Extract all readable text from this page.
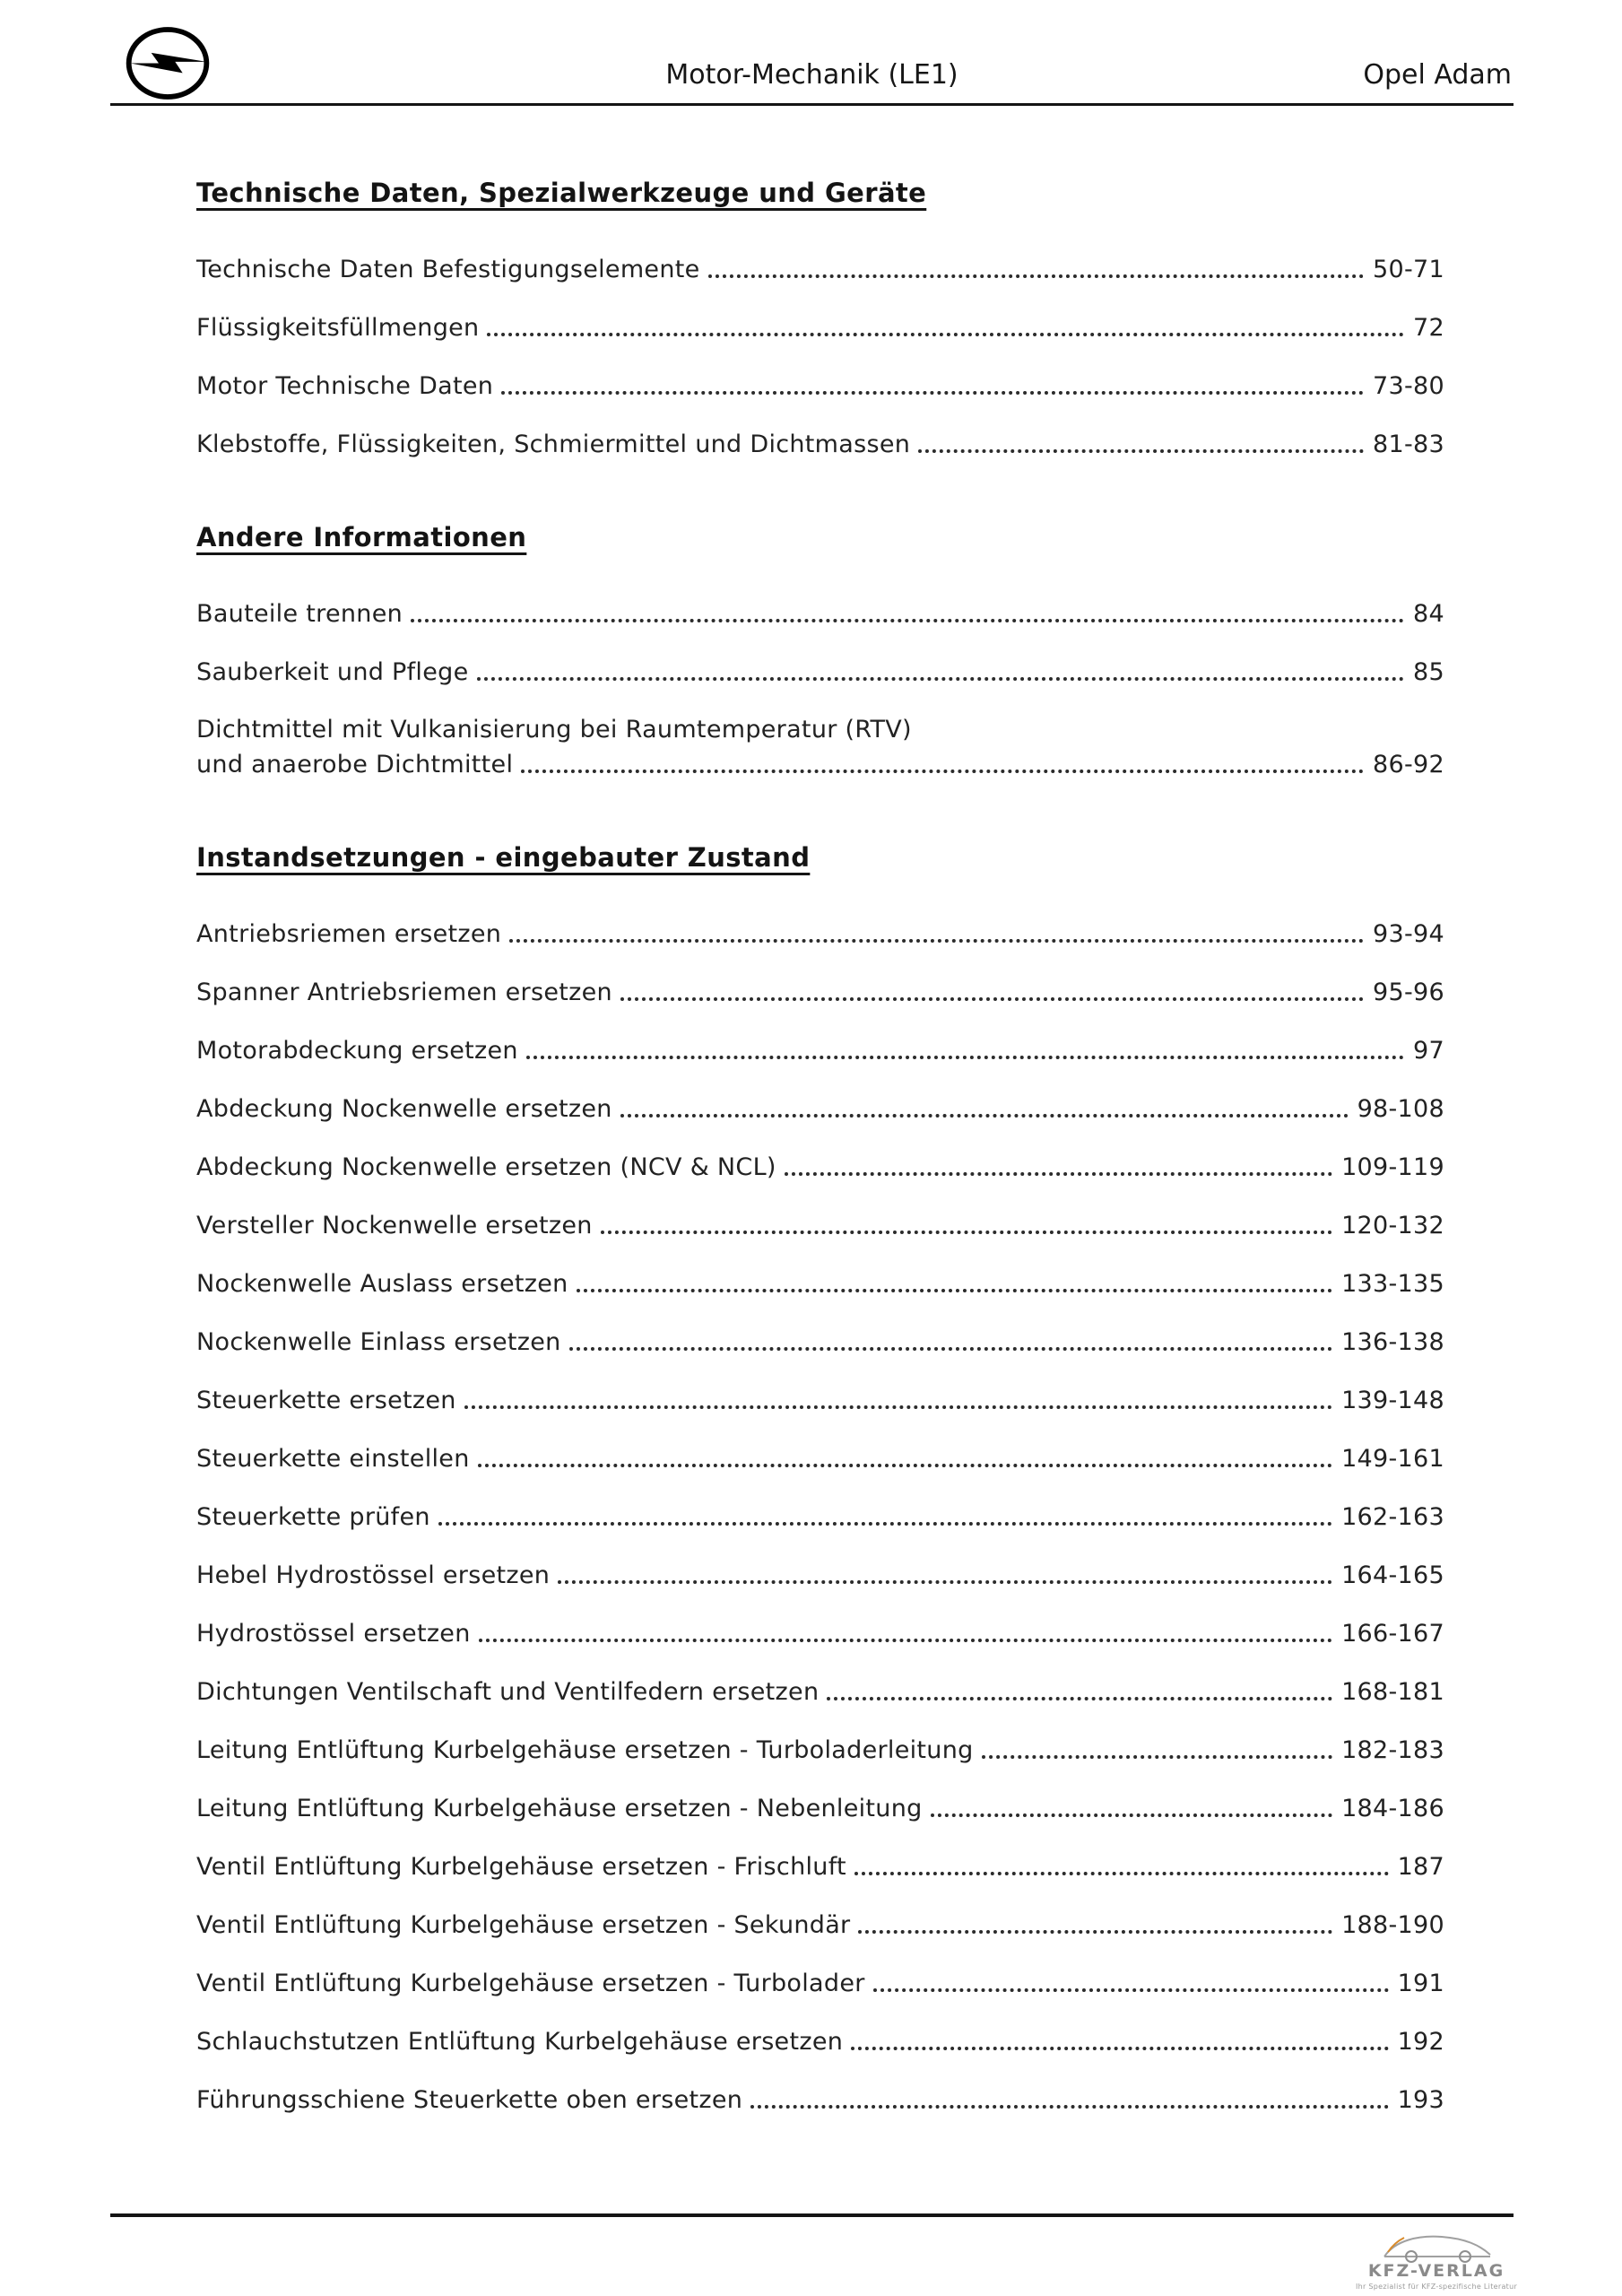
Motor-Mechanik (LE1)	Opel Adam
Technische Daten, Spezialwerkzeuge und Geräte
Technische Daten Befestigungselemente	50-71
Flüssigkeitsfüllmengen	72
Motor Technische Daten	73-80
Klebstoffe, Flüssigkeiten, Schmiermittel und Dichtmassen	81-83
Andere Informationen
Bauteile trennen	84
Sauberkeit und Pflege	85
Dichtmittel mit Vulkanisierung bei Raumtemperatur (RTV)
und anaerobe Dichtmittel	86-92
Instandsetzungen - eingebauter Zustand
Antriebsriemen ersetzen	93-94
Spanner Antriebsriemen ersetzen	95-96
Motorabdeckung ersetzen	97
Abdeckung Nockenwelle ersetzen	98-108
Abdeckung Nockenwelle ersetzen (NCV & NCL)	109-119
Versteller Nockenwelle ersetzen	120-132
Nockenwelle Auslass ersetzen	133-135
Nockenwelle Einlass ersetzen	136-138
Steuerkette ersetzen	139-148
Steuerkette einstellen	149-161
Steuerkette prüfen	162-163
Hebel Hydrostössel ersetzen	164-165
Hydrostössel ersetzen	166-167
Dichtungen Ventilschaft und Ventilfedern ersetzen	168-181
Leitung Entlüftung Kurbelgehäuse ersetzen - Turboladerleitung	182-183
Leitung Entlüftung Kurbelgehäuse ersetzen - Nebenleitung	184-186
Ventil Entlüftung Kurbelgehäuse ersetzen - Frischluft	187
Ventil Entlüftung Kurbelgehäuse ersetzen - Sekundär	188-190
Ventil Entlüftung Kurbelgehäuse ersetzen - Turbolader	191
Schlauchstutzen Entlüftung Kurbelgehäuse ersetzen	192
Führungsschiene Steuerkette oben ersetzen	193
KFZ-VERLAG
Ihr Spezialist für KFZ-spezifische Literatur
